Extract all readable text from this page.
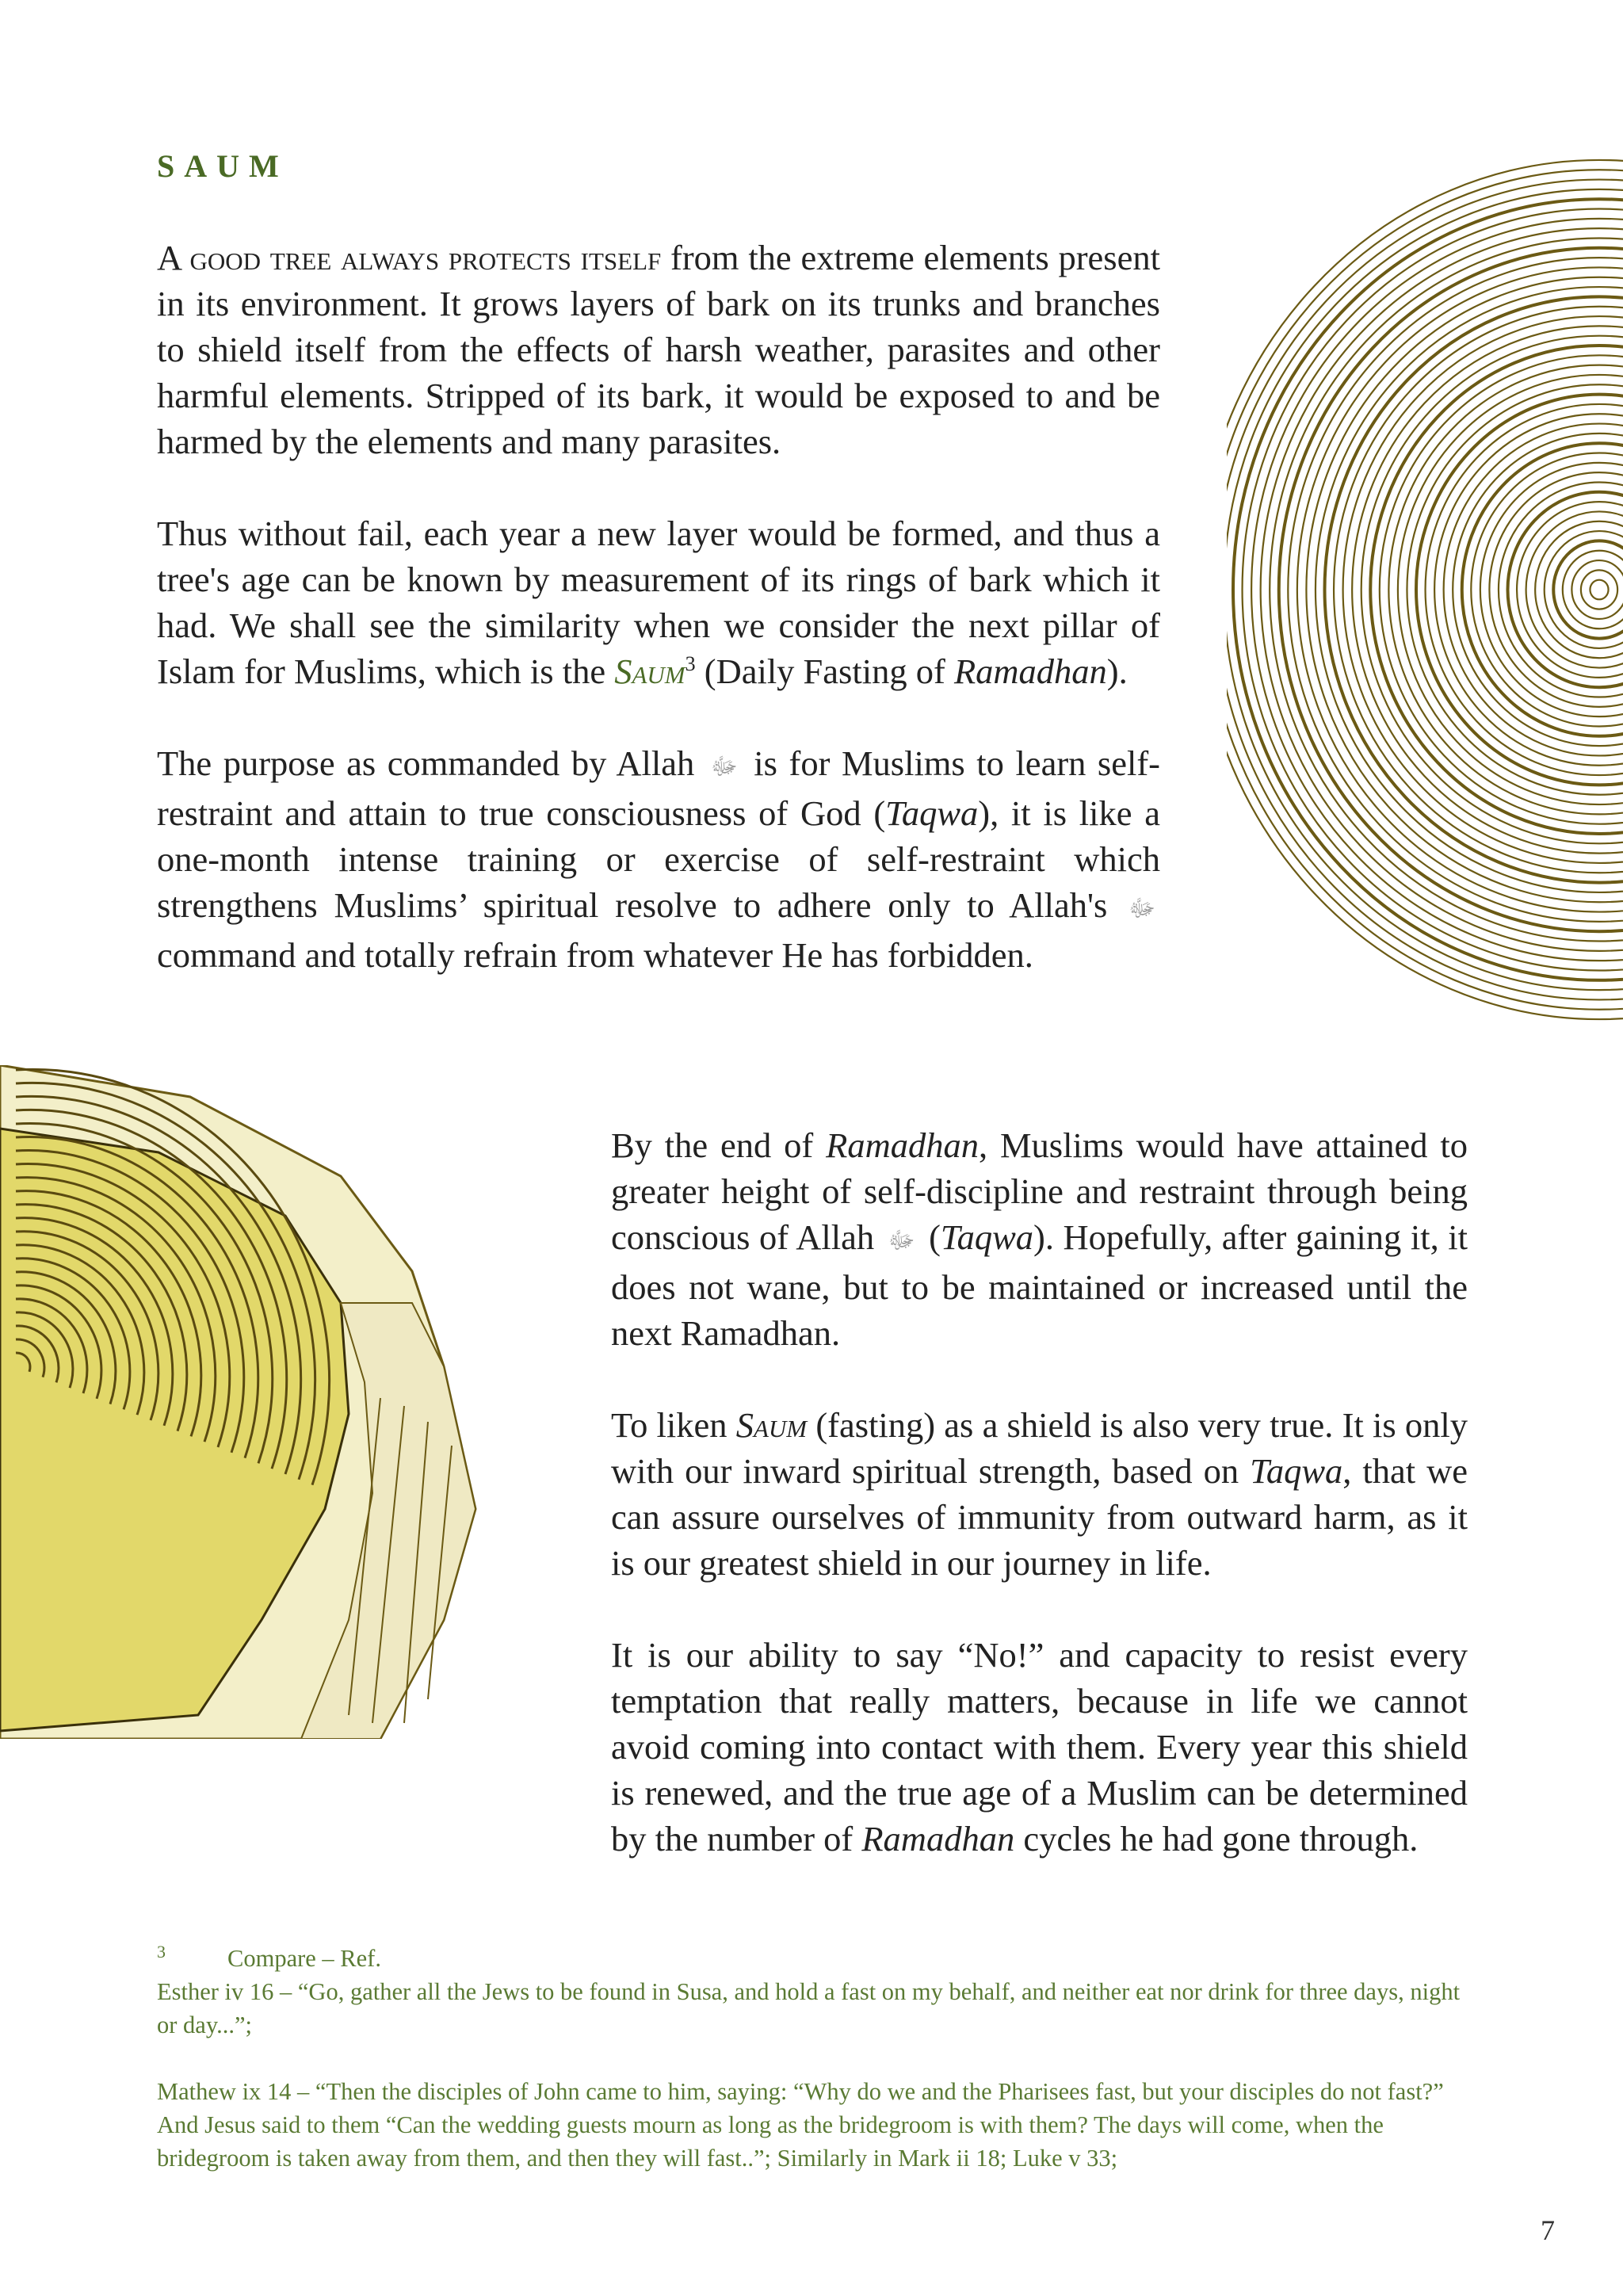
SAUM

A good tree always protects itself from the extreme elements present in its environment. It grows layers of bark on its trunks and branches to shield itself from the effects of harsh weather, parasites and other harmful elements. Stripped of its bark, it would be exposed to and be harmed by the elements and many parasites.

Thus without fail, each year a new layer would be formed, and thus a tree's age can be known by measurement of its rings of bark which it had. We shall see the similarity when we consider the next pillar of Islam for Muslims, which is the Saum$^3$ (Daily Fasting of Ramadhan).

The purpose as commanded by Allah ﷻ is for Muslims to learn self-restraint and attain to true consciousness of God (Taqwa), it is like a one-month intense training or exercise of self-restraint which strengthens Muslims’ spiritual resolve to adhere only to Allah's ﷻ command and totally refrain from whatever He has forbidden.

By the end of Ramadhan, Muslims would have attained to greater height of self-discipline and restraint through being conscious of Allah ﷻ (Taqwa). Hopefully, after gaining it, it does not wane, but to be maintained or increased until the next Ramadhan.

To liken Saum (fasting) as a shield is also very true. It is only with our inward spiritual strength, based on Taqwa, that we can assure ourselves of immunity from outward harm, as it is our greatest shield in our journey in life.

It is our ability to say “No!” and capacity to resist every temptation that really matters, because in life we cannot avoid coming into contact with them. Every year this shield is renewed, and the true age of a Muslim can be determined by the number of Ramadhan cycles he had gone through.

$^3$	Compare – Ref.

Esther iv 16 – “Go, gather all the Jews to be found in Susa, and hold a fast on my behalf, and neither eat nor drink for three days, night or day...”;

Mathew ix 14 – “Then the disciples of John came to him, saying: “Why do we and the Pharisees fast, but your disciples do not fast?” And Jesus said to them “Can the wedding guests mourn as long as the bridegroom is with them? The days will come, when the bridegroom is taken away from them, and then they will fast..”; Similarly in Mark ii 18; Luke v 33;

7
